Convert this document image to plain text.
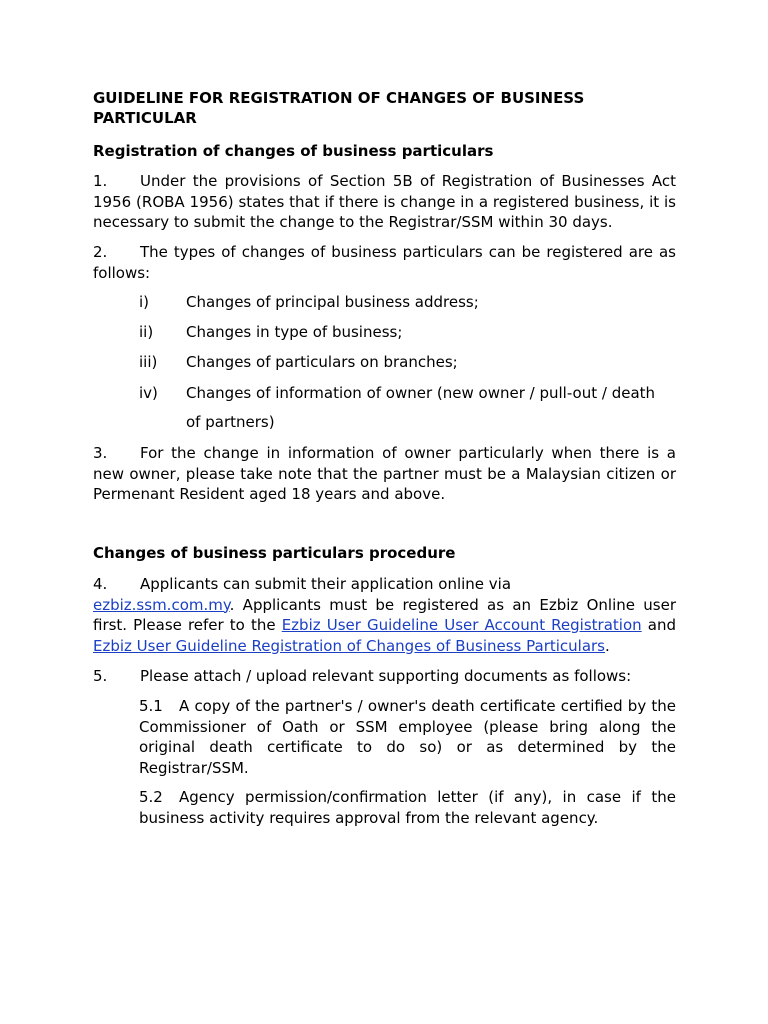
GUIDELINE FOR REGISTRATION OF CHANGES OF BUSINESS PARTICULAR
Registration of changes of business particulars

1. Under the provisions of Section 5B of Registration of Businesses Act 1956 (ROBA 1956) states that if there is change in a registered business, it is necessary to submit the change to the Registrar/SSM within 30 days.

2. The types of changes of business particulars can be registered are as follows:

i) Changes of principal business address;
ii) Changes in type of business;
iii) Changes of particulars on branches;
iv) Changes of information of owner (new owner / pull-out / death
of partners)

3. For the change in information of owner particularly when there is a new owner, please take note that the partner must be a Malaysian citizen or Permenant Resident aged 18 years and above.

Changes of business particulars procedure

4. Applicants can submit their application online via
ezbiz.ssm.com.my. Applicants must be registered as an Ezbiz Online user first. Please refer to the Ezbiz User Guideline User Account Registration and Ezbiz User Guideline Registration of Changes of Business Particulars.

5. Please attach / upload relevant supporting documents as follows:

5.1 A copy of the partner's / owner's death certificate certified by the Commissioner of Oath or SSM employee (please bring along the original death certificate to do so) or as determined by the Registrar/SSM.

5.2 Agency permission/confirmation letter (if any), in case if the business activity requires approval from the relevant agency.
